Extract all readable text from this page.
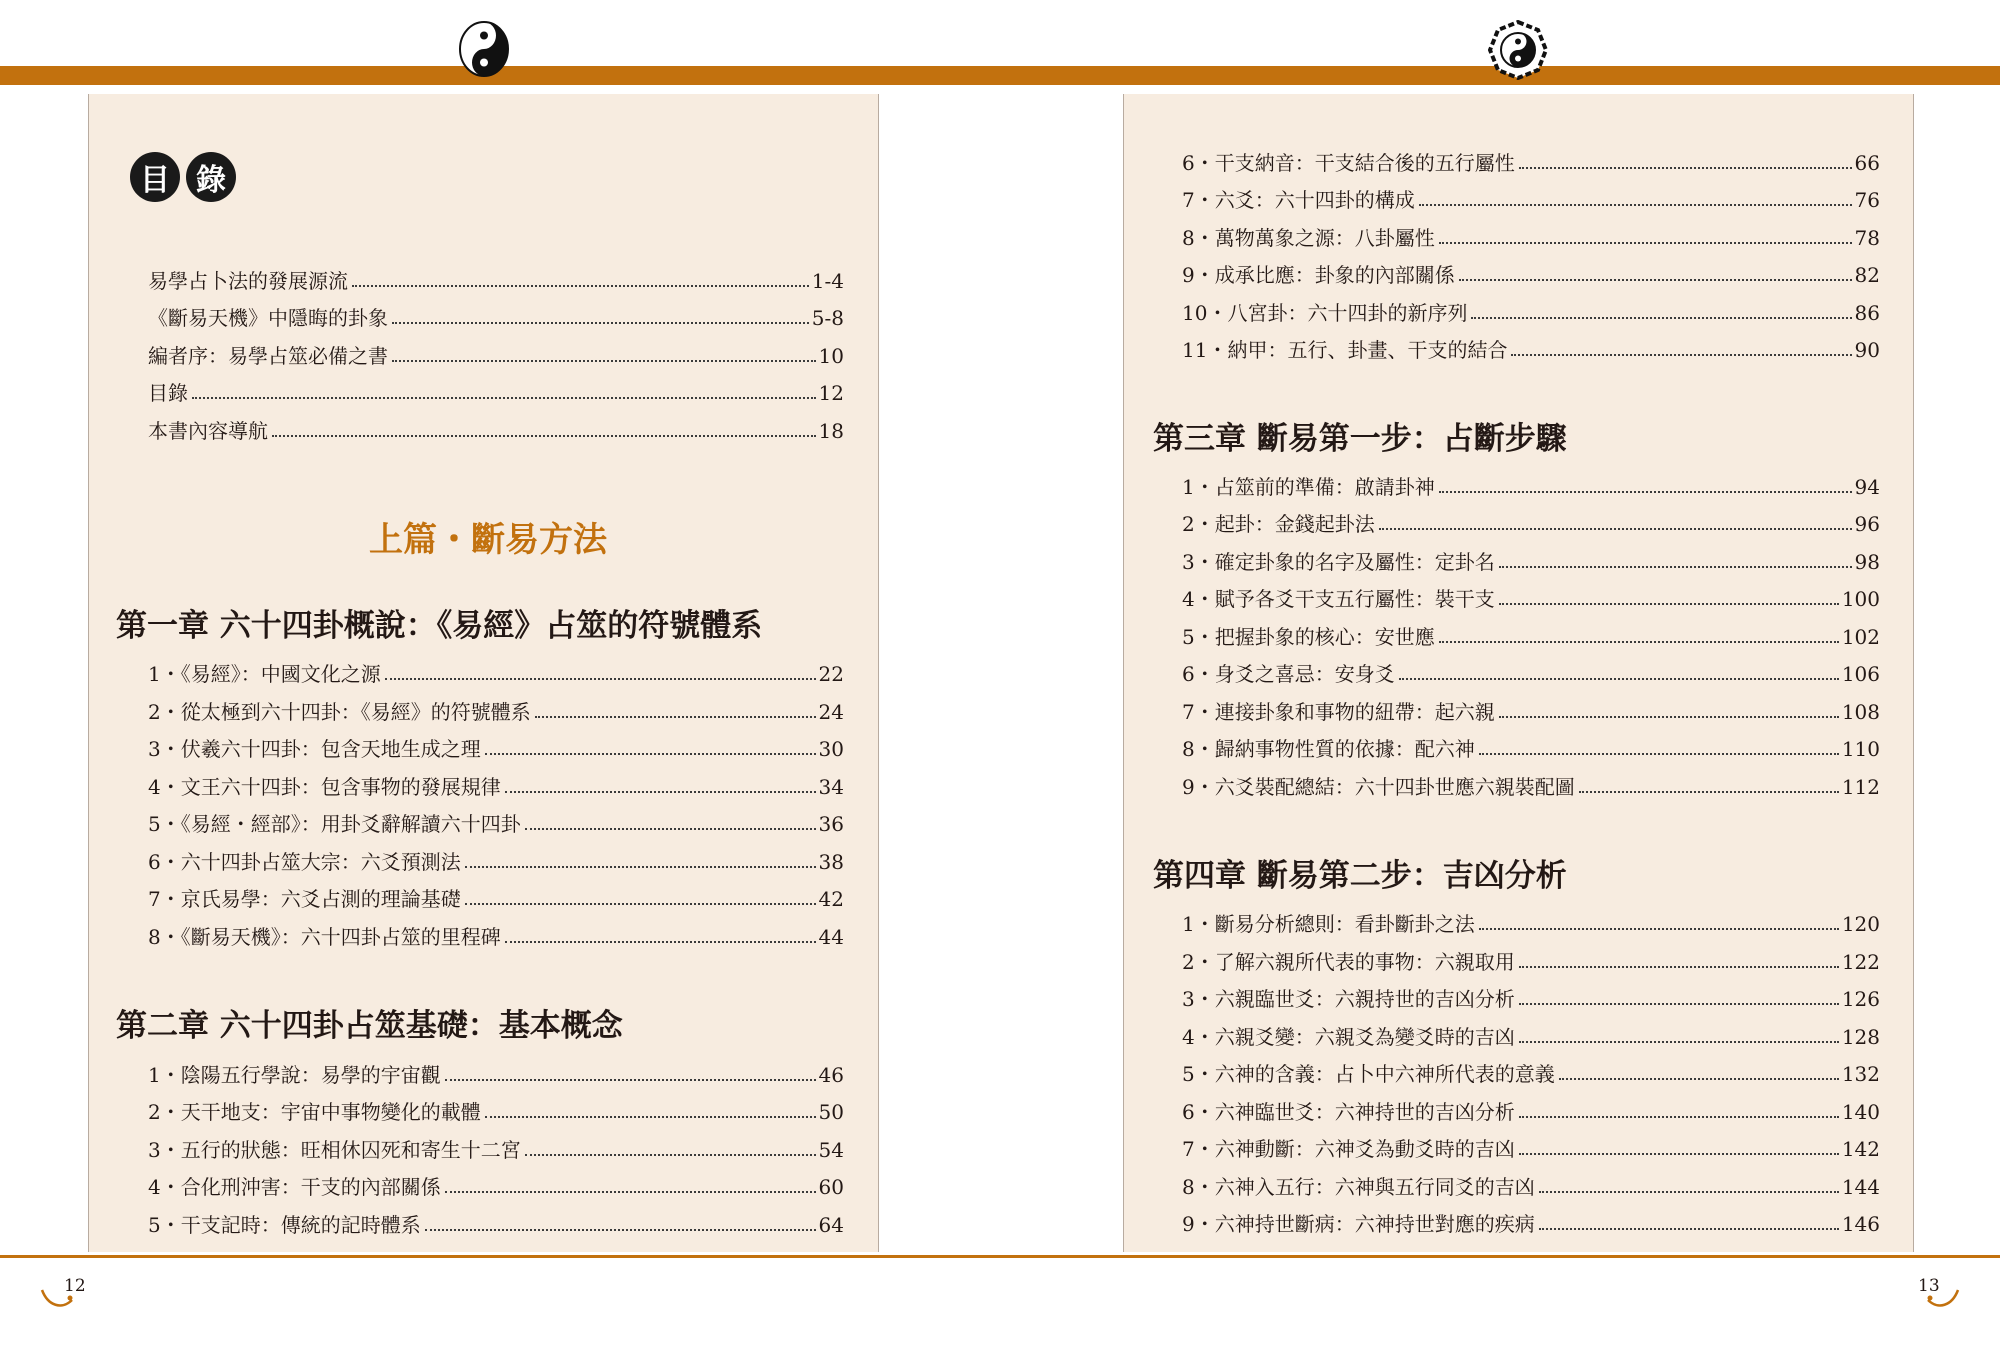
目 錄
易學占卜法的發展源流	1-4
《斷易天機》中隱晦的卦象	5-8
編者序：易學占筮必備之書	10
目錄	12
本書內容導航	18
上篇・斷易方法
第一章 六十四卦概說：《易經》占筮的符號體系
1・《易經》：中國文化之源	22
2・從太極到六十四卦：《易經》的符號體系	24
3・伏羲六十四卦：包含天地生成之理	30
4・文王六十四卦：包含事物的發展規律	34
5・《易經・經部》：用卦爻辭解讀六十四卦	36
6・六十四卦占筮大宗：六爻預測法	38
7・京氏易學：六爻占測的理論基礎	42
8・《斷易天機》：六十四卦占筮的里程碑	44
第二章 六十四卦占筮基礎：基本概念
1・陰陽五行學說：易學的宇宙觀	46
2・天干地支：宇宙中事物變化的載體	50
3・五行的狀態：旺相休囚死和寄生十二宮	54
4・合化刑沖害：干支的內部關係	60
5・干支記時：傳統的記時體系	64
6・干支納音：干支結合後的五行屬性	66
7・六爻：六十四卦的構成	76
8・萬物萬象之源：八卦屬性	78
9・成承比應：卦象的內部關係	82
10・八宮卦：六十四卦的新序列	86
11・納甲：五行、卦畫、干支的結合	90
第三章 斷易第一步：占斷步驟
1・占筮前的準備：啟請卦神	94
2・起卦：金錢起卦法	96
3・確定卦象的名字及屬性：定卦名	98
4・賦予各爻干支五行屬性：裝干支	100
5・把握卦象的核心：安世應	102
6・身爻之喜忌：安身爻	106
7・連接卦象和事物的紐帶：起六親	108
8・歸納事物性質的依據：配六神	110
9・六爻裝配總結：六十四卦世應六親裝配圖	112
第四章 斷易第二步：吉凶分析
1・斷易分析總則：看卦斷卦之法	120
2・了解六親所代表的事物：六親取用	122
3・六親臨世爻：六親持世的吉凶分析	126
4・六親爻變：六親爻為變爻時的吉凶	128
5・六神的含義：占卜中六神所代表的意義	132
6・六神臨世爻：六神持世的吉凶分析	140
7・六神動斷：六神爻為動爻時的吉凶	142
8・六神入五行：六神與五行同爻的吉凶	144
9・六神持世斷病：六神持世對應的疾病	146
12	13
